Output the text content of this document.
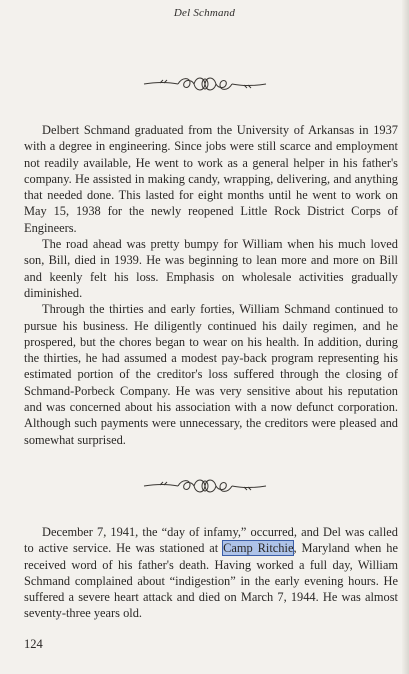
Del Schmand

Delbert Schmand graduated from the University of Arkansas in 1937 with a degree in engineering. Since jobs were still scarce and employment not readily available, He went to work as a general helper in his father's company. He assisted in making candy, wrapping, delivering, and anything that needed done. This lasted for eight months until he went to work on May 15, 1938 for the newly reopened Little Rock District Corps of Engineers.

The road ahead was pretty bumpy for William when his much loved son, Bill, died in 1939. He was beginning to lean more and more on Bill and keenly felt his loss. Emphasis on wholesale activities gradually diminished.

Through the thirties and early forties, William Schmand continued to pursue his business. He diligently continued his daily regimen, and he prospered, but the chores began to wear on his health. In addition, during the thirties, he had assumed a modest pay-back program representing his estimated portion of the creditor's loss suffered through the closing of Schmand-Porbeck Company. He was very sensitive about his reputation and was concerned about his association with a now defunct corporation. Although such payments were unnecessary, the creditors were pleased and somewhat surprised.

December 7, 1941, the “day of infamy,” occurred, and Del was called to active service. He was stationed at Camp Ritchie, Maryland when he received word of his father's death. Having worked a full day, William Schmand complained about “indigestion” in the early evening hours. He suffered a severe heart attack and died on March 7, 1944. He was almost seventy-three years old.

124
